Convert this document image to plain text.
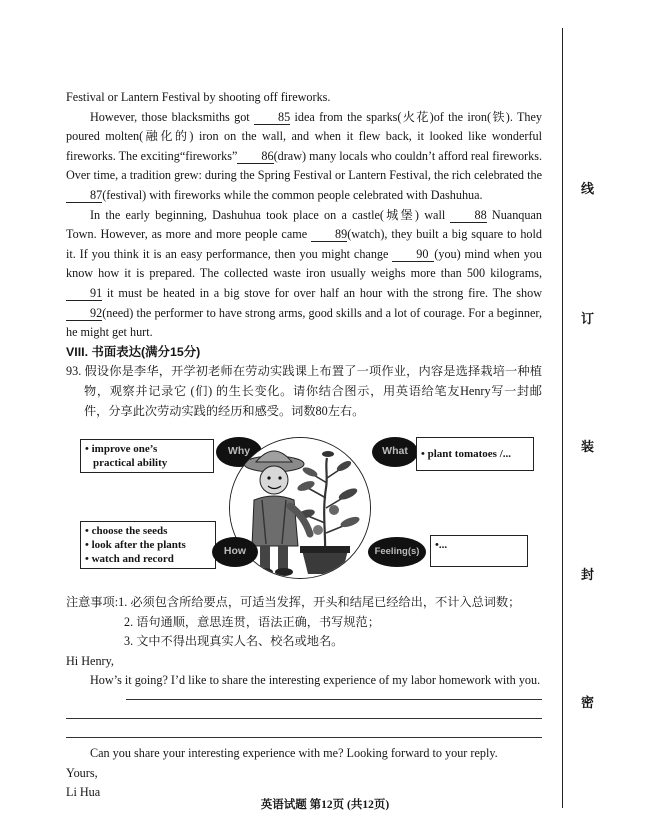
线
订
装
封
密

Festival or Lantern Festival by shooting off fireworks.

However, those blacksmiths got 85 idea from the sparks(火花)of the iron(铁). They poured molten(融化的) iron on the wall, and when it flew back, it looked like wonderful fireworks. The exciting“fireworks” 86(draw) many locals who couldn’t afford real fireworks. Over time, a tradition grew: during the Spring Festival or Lantern Festival, the rich celebrated the 87(festival) with fireworks while the common people celebrated with Dashuhua.

In the early beginning, Dashuhua took place on a castle(城堡) wall 88 Nuanquan Town. However, as more and more people came 89(watch), they built a big square to hold it. If you think it is an easy performance, then you might change 90 (you) mind when you know how it is prepared. The collected waste iron usually weighs more than 500 kilograms, 91 it must be heated in a big stove for over half an hour with the strong fire. The show 92(need) the performer to have strong arms, good skills and a lot of courage. For a beginner, he might get hurt.

VIII. 书面表达(满分15分)

93. 假设你是李华，开学初老师在劳动实践课上布置了一项作业，内容是选择栽培一种植物，观察并记录它 (们) 的生长变化。请你结合图示，用英语给笔友Henry写一封邮件，分享此次劳动实践的经历和感受。词数80左右。

• improve one’s
practical ability
Why	What	• plant tomatoes /...
• choose the seeds
• look after the plants
• watch and record
How	Feeling(s)
•...
注意事项: 1. 必须包含所给要点，可适当发挥，开头和结尾已经给出，不计入总词数；
2. 语句通顺，意思连贯，语法正确，书写规范；
3. 文中不得出现真实人名、校名或地名。

Hi Henry,

How’s it going? I’d like to share the interesting experience of my labor homework with you.

Can you share your interesting experience with me? Looking forward to your reply.

Yours,

Li Hua

英语试题 第12页 (共12页)
